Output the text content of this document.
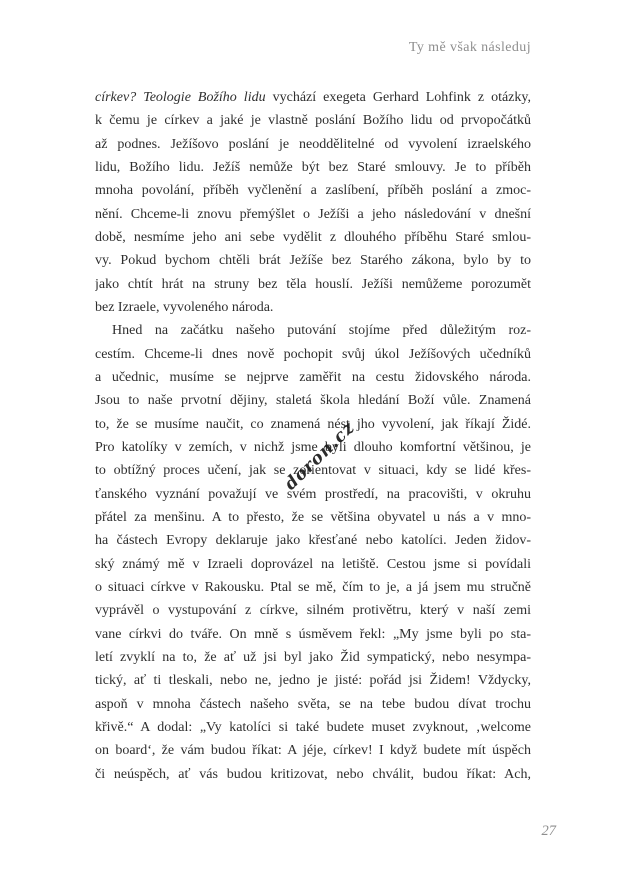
Ty mě však následuj
církev? Teologie Božího lidu vychází exegeta Gerhard Lohfink z otázky,
k čemu je církev a jaké je vlastně poslání Božího lidu od prvopočátků
až podnes. Ježíšovo poslání je neoddělitelné od vyvolení izraelského
lidu, Božího lidu. Ježíš nemůže být bez Staré smlouvy. Je to příběh
mnoha povolání, příběh vyčlenění a zaslíbení, příběh poslání a zmoc-
nění. Chceme-li znovu přemýšlet o Ježíši a jeho následování v dnešní
době, nesmíme jeho ani sebe vydělit z dlouhého příběhu Staré smlou-
vy. Pokud bychom chtěli brát Ježíše bez Starého zákona, bylo by to
jako chtít hrát na struny bez těla houslí. Ježíši nemůžeme porozumět
bez Izraele, vyvoleného národa.
Hned na začátku našeho putování stojíme před důležitým roz-
cestím. Chceme-li dnes nově pochopit svůj úkol Ježíšových učedníků
a učednic, musíme se nejprve zaměřit na cestu židovského národa.
Jsou to naše prvotní dějiny, staletá škola hledání Boží vůle. Znamená
to, že se musíme naučit, co znamená nést jho vyvolení, jak říkají Židé.
Pro katolíky v zemích, v nichž jsme byli dlouho komfortní většinou, je
to obtížný proces učení, jak se zorientovat v situaci, kdy se lidé křes-
ťanského vyznání považují ve svém prostředí, na pracovišti, v okruhu
přátel za menšinu. A to přesto, že se většina obyvatel u nás a v mno-
ha částech Evropy deklaruje jako křesťané nebo katolíci. Jeden židov-
ský známý mě v Izraeli doprovázel na letiště. Cestou jsme si povídali
o situaci církve v Rakousku. Ptal se mě, čím to je, a já jsem mu stručně
vyprávěl o vystupování z církve, silném protivětru, který v naší zemi
vane církvi do tváře. On mně s úsměvem řekl: „My jsme byli po sta-
letí zvyklí na to, že ať už jsi byl jako Žid sympatický, nebo nesympa-
tický, ať ti tleskali, nebo ne, jedno je jisté: pořád jsi Židem! Vždycky,
aspoň v mnoha částech našeho světa, se na tebe budou dívat trochu
křivě.“ A dodal: „Vy katolíci si také budete muset zvyknout, ‚welcome
on board‘, že vám budou říkat: A jéje, církev! I když budete mít úspěch
či neúspěch, ať vás budou kritizovat, nebo chválit, budou říkat: Ach,
doron.cz
27
